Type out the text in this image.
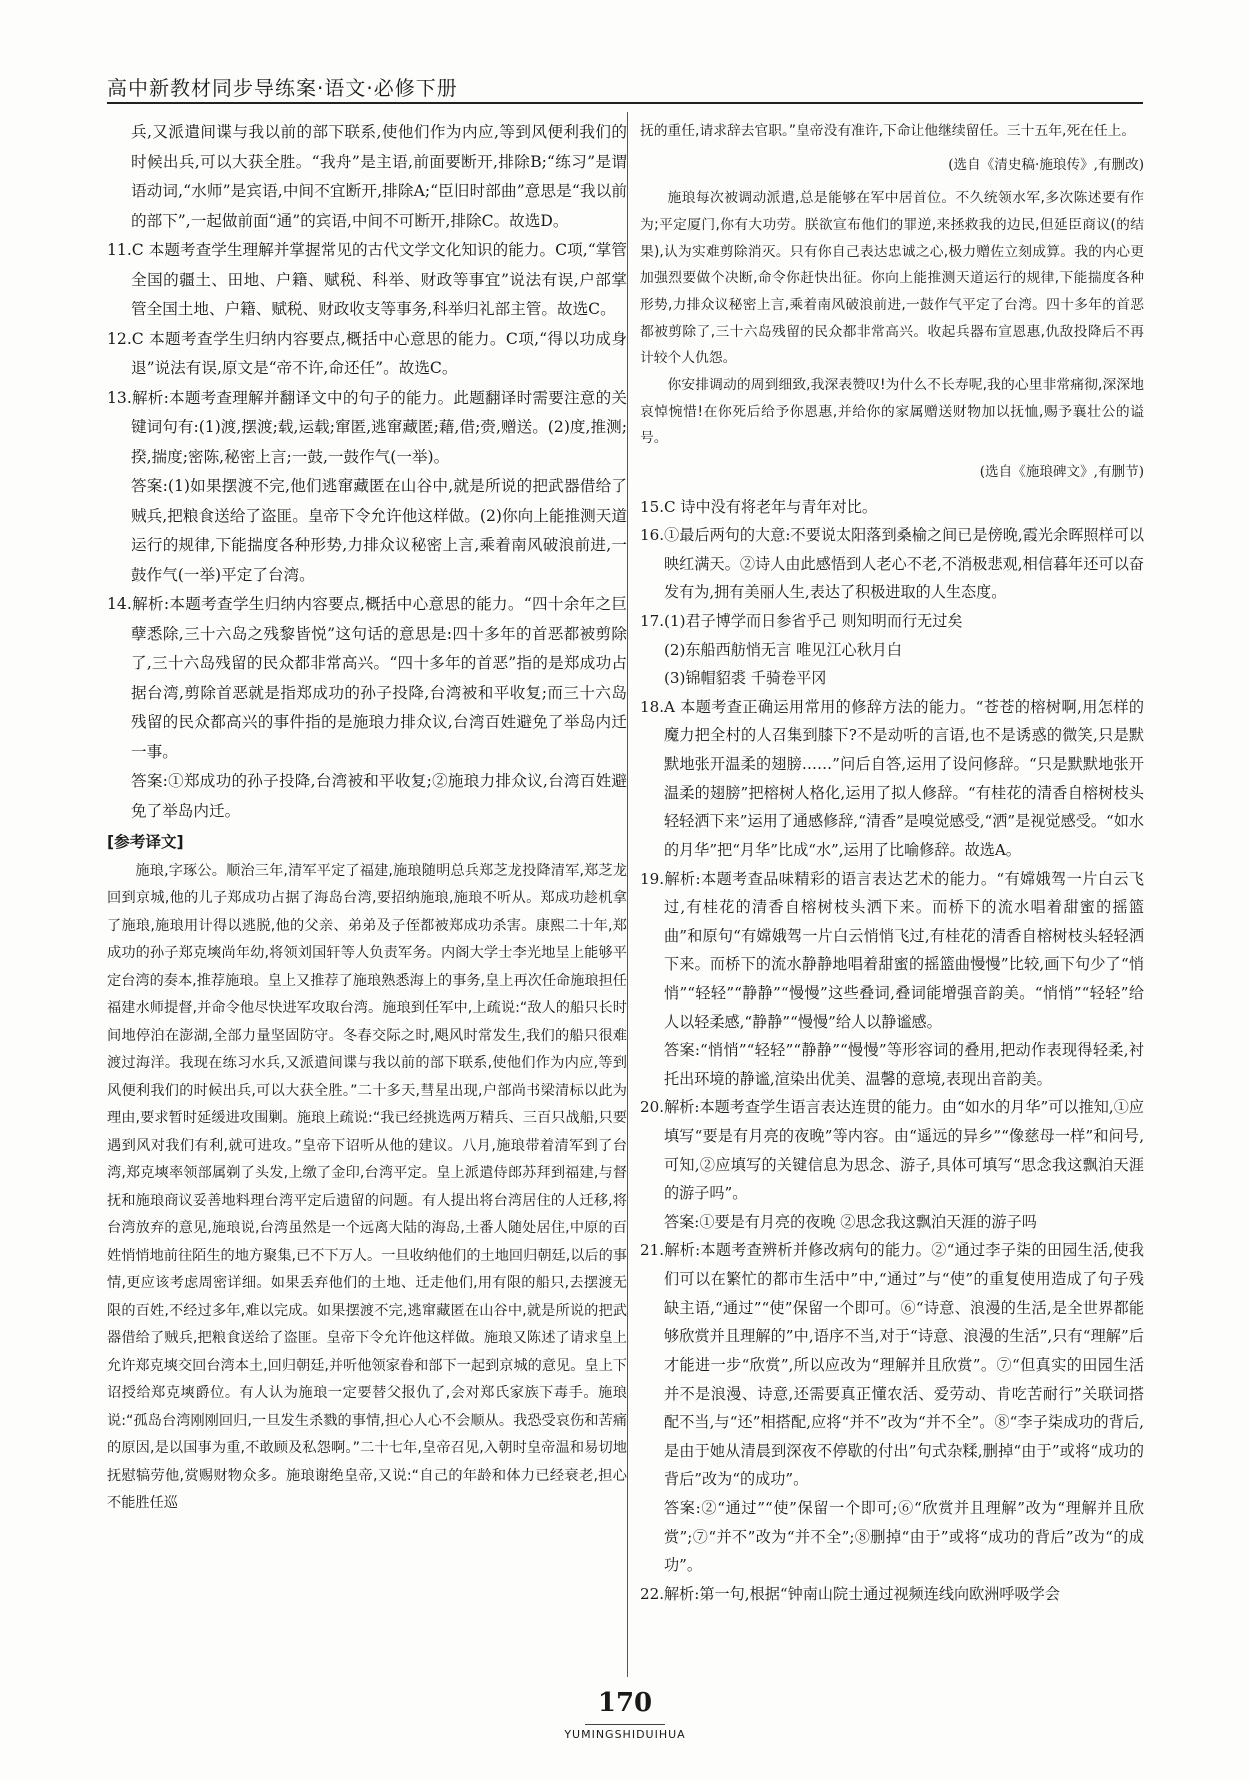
高中新教材同步导练案·语文·必修下册

兵,又派遣间谍与我以前的部下联系,使他们作为内应,等到风便利我们的时候出兵,可以大获全胜。“我舟”是主语,前面要断开,排除B;“练习”是谓语动词,“水师”是宾语,中间不宜断开,排除A;“臣旧时部曲”意思是“我以前的部下”,一起做前面“通”的宾语,中间不可断开,排除C。故选D。

11.C 本题考查学生理解并掌握常见的古代文学文化知识的能力。C项,“掌管全国的疆土、田地、户籍、赋税、科举、财政等事宜”说法有误,户部掌管全国土地、户籍、赋税、财政收支等事务,科举归礼部主管。故选C。

12.C 本题考查学生归纳内容要点,概括中心意思的能力。C项,“得以功成身退”说法有误,原文是“帝不许,命还任”。故选C。

13.解析:本题考查理解并翻译文中的句子的能力。此题翻译时需要注意的关键词句有:(1)渡,摆渡;载,运载;窜匿,逃窜藏匿;藉,借;赍,赠送。(2)度,推测;揆,揣度;密陈,秘密上言;一鼓,一鼓作气(一举)。

答案:(1)如果摆渡不完,他们逃窜藏匿在山谷中,就是所说的把武器借给了贼兵,把粮食送给了盗匪。皇帝下令允许他这样做。(2)你向上能推测天道运行的规律,下能揣度各种形势,力排众议秘密上言,乘着南风破浪前进,一鼓作气(一举)平定了台湾。

14.解析:本题考查学生归纳内容要点,概括中心意思的能力。“四十余年之巨孽悉除,三十六岛之残黎皆悦”这句话的意思是:四十多年的首恶都被剪除了,三十六岛残留的民众都非常高兴。“四十多年的首恶”指的是郑成功占据台湾,剪除首恶就是指郑成功的孙子投降,台湾被和平收复;而三十六岛残留的民众都高兴的事件指的是施琅力排众议,台湾百姓避免了举岛内迁一事。

答案:①郑成功的孙子投降,台湾被和平收复;②施琅力排众议,台湾百姓避免了举岛内迁。

[参考译文]

施琅,字琢公。顺治三年,清军平定了福建,施琅随明总兵郑芝龙投降清军,郑芝龙回到京城,他的儿子郑成功占据了海岛台湾,要招纳施琅,施琅不听从。郑成功趁机拿了施琅,施琅用计得以逃脱,他的父亲、弟弟及子侄都被郑成功杀害。康熙二十年,郑成功的孙子郑克塽尚年幼,将领刘国轩等人负责军务。内阁大学士李光地呈上能够平定台湾的奏本,推荐施琅。皇上又推荐了施琅熟悉海上的事务,皇上再次任命施琅担任福建水师提督,并命令他尽快进军攻取台湾。施琅到任军中,上疏说:“敌人的船只长时间地停泊在澎湖,全部力量坚固防守。冬春交际之时,飓风时常发生,我们的船只很难渡过海洋。我现在练习水兵,又派遣间谍与我以前的部下联系,使他们作为内应,等到风便利我们的时候出兵,可以大获全胜。”二十多天,彗星出现,户部尚书梁清标以此为理由,要求暂时延缓进攻围剿。施琅上疏说:“我已经挑选两万精兵、三百只战船,只要遇到风对我们有利,就可进攻。”皇帝下诏听从他的建议。八月,施琅带着清军到了台湾,郑克塽率领部属剃了头发,上缴了金印,台湾平定。皇上派遣侍郎苏拜到福建,与督抚和施琅商议妥善地料理台湾平定后遗留的问题。有人提出将台湾居住的人迁移,将台湾放弃的意见,施琅说,台湾虽然是一个远离大陆的海岛,土番人随处居住,中原的百姓悄悄地前往陌生的地方聚集,已不下万人。一旦收纳他们的土地回归朝廷,以后的事情,更应该考虑周密详细。如果丢弃他们的土地、迁走他们,用有限的船只,去摆渡无限的百姓,不经过多年,难以完成。如果摆渡不完,逃窜藏匿在山谷中,就是所说的把武器借给了贼兵,把粮食送给了盗匪。皇帝下令允许他这样做。施琅又陈述了请求皇上允许郑克塽交回台湾本土,回归朝廷,并听他领家眷和部下一起到京城的意见。皇上下诏授给郑克塽爵位。有人认为施琅一定要替父报仇了,会对郑氏家族下毒手。施琅说:“孤岛台湾刚刚回归,一旦发生杀戮的事情,担心人心不会顺从。我恐受哀伤和苦痛的原因,是以国事为重,不敢顾及私怨啊。”二十七年,皇帝召见,入朝时皇帝温和易切地抚慰犒劳他,赏赐财物众多。施琅谢绝皇帝,又说:“自己的年龄和体力已经衰老,担心不能胜任巡

抚的重任,请求辞去官职。”皇帝没有准许,下命让他继续留任。三十五年,死在任上。

(选自《清史稿·施琅传》,有删改)

施琅每次被调动派遣,总是能够在军中居首位。不久统领水军,多次陈述要有作为;平定厦门,你有大功劳。朕欲宣布他们的罪逆,来拯救我的边民,但延臣商议(的结果),认为实难剪除消灭。只有你自己表达忠诚之心,极力赠佐立刻成算。我的内心更加强烈要做个决断,命令你赶快出征。你向上能推测天道运行的规律,下能揣度各种形势,力排众议秘密上言,乘着南风破浪前进,一鼓作气平定了台湾。四十多年的首恶都被剪除了,三十六岛残留的民众都非常高兴。收起兵器布宣恩惠,仇敌投降后不再计较个人仇怨。

你安排调动的周到细致,我深表赞叹!为什么不长寿呢,我的心里非常痛彻,深深地哀悼惋惜!在你死后给予你恩惠,并给你的家属赠送财物加以抚恤,赐予襄壮公的谥号。

(选自《施琅碑文》,有删节)

15.C 诗中没有将老年与青年对比。

16.①最后两句的大意:不要说太阳落到桑榆之间已是傍晚,霞光余晖照样可以映红满天。②诗人由此感悟到人老心不老,不消极悲观,相信暮年还可以奋发有为,拥有美丽人生,表达了积极进取的人生态度。

17.(1)君子博学而日参省乎己 则知明而行无过矣

(2)东船西舫悄无言 唯见江心秋月白

(3)锦帽貂裘 千骑卷平冈

18.A 本题考查正确运用常用的修辞方法的能力。“苍苍的榕树啊,用怎样的魔力把全村的人召集到膝下?不是动听的言语,也不是诱惑的微笑,只是默默地张开温柔的翅膀……”问后自答,运用了设问修辞。“只是默默地张开温柔的翅膀”把榕树人格化,运用了拟人修辞。“有桂花的清香自榕树枝头轻轻洒下来”运用了通感修辞,“清香”是嗅觉感受,“洒”是视觉感受。“如水的月华”把“月华”比成“水”,运用了比喻修辞。故选A。

19.解析:本题考查品味精彩的语言表达艺术的能力。“有嫦娥驾一片白云飞过,有桂花的清香自榕树枝头洒下来。而桥下的流水唱着甜蜜的摇篮曲”和原句“有嫦娥驾一片白云悄悄飞过,有桂花的清香自榕树枝头轻轻洒下来。而桥下的流水静静地唱着甜蜜的摇篮曲慢慢”比较,画下句少了“悄悄”“轻轻”“静静”“慢慢”这些叠词,叠词能增强音韵美。“悄悄”“轻轻”给人以轻柔感,“静静”“慢慢”给人以静谧感。

答案:“悄悄”“轻轻”“静静”“慢慢”等形容词的叠用,把动作表现得轻柔,衬托出环境的静谧,渲染出优美、温馨的意境,表现出音韵美。

20.解析:本题考查学生语言表达连贯的能力。由“如水的月华”可以推知,①应填写“要是有月亮的夜晚”等内容。由“遥远的异乡”“像慈母一样”和问号,可知,②应填写的关键信息为思念、游子,具体可填写“思念我这飘泊天涯的游子吗”。

答案:①要是有月亮的夜晚 ②思念我这飘泊天涯的游子吗

21.解析:本题考查辨析并修改病句的能力。②“通过李子柒的田园生活,使我们可以在繁忙的都市生活中”中,“通过”与“使”的重复使用造成了句子残缺主语,“通过”“使”保留一个即可。⑥“诗意、浪漫的生活,是全世界都能够欣赏并且理解的”中,语序不当,对于“诗意、浪漫的生活”,只有“理解”后才能进一步“欣赏”,所以应改为“理解并且欣赏”。⑦“但真实的田园生活并不是浪漫、诗意,还需要真正懂农活、爱劳动、肯吃苦耐行”关联词搭配不当,与“还”相搭配,应将“并不”改为“并不全”。⑧“李子柒成功的背后,是由于她从清晨到深夜不停歇的付出”句式杂糅,删掉“由于”或将“成功的背后”改为“的成功”。

答案:②“通过”“使”保留一个即可;⑥“欣赏并且理解”改为“理解并且欣赏”;⑦“并不”改为“并不全”;⑧删掉“由于”或将“成功的背后”改为“的成功”。

22.解析:第一句,根据“钟南山院士通过视频连线向欧洲呼吸学会

170
YUMINGSHIDUIHUA
